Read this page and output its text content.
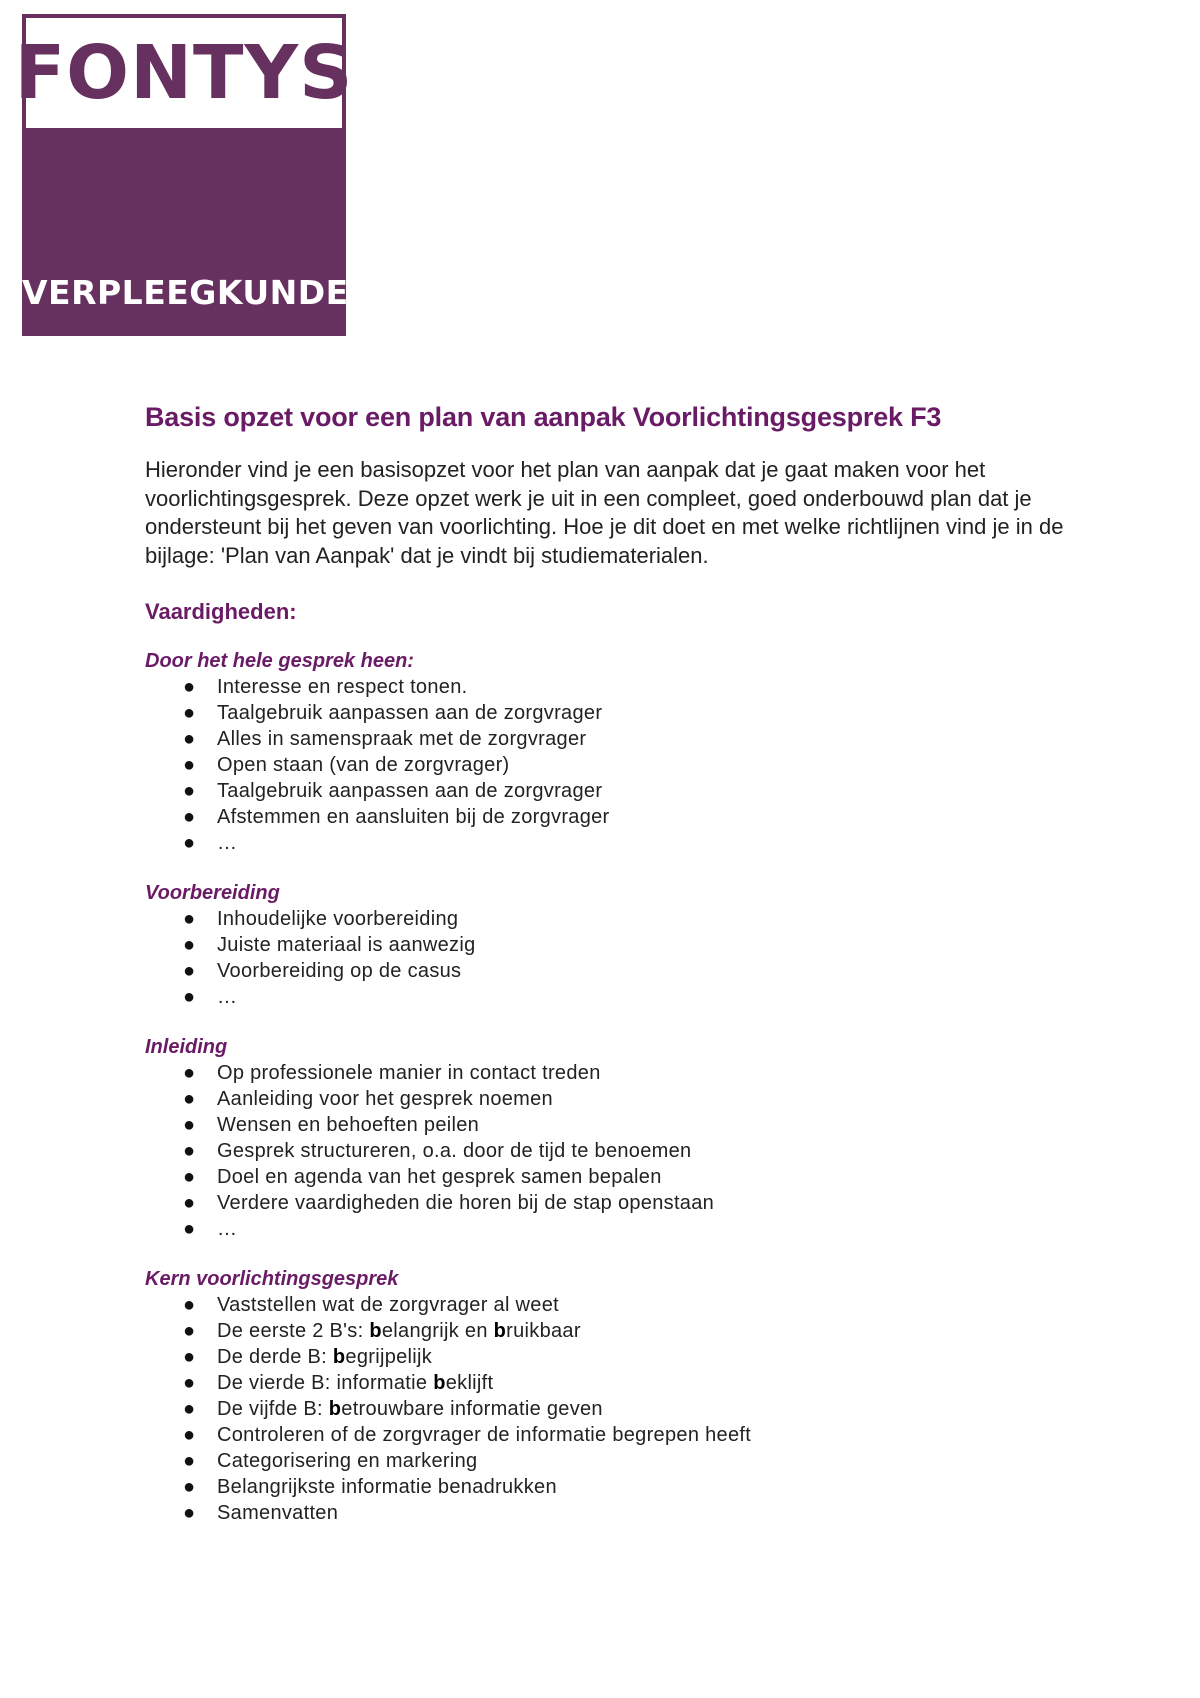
FONTYS
VERPLEEGKUNDE
Basis opzet voor een plan van aanpak Voorlichtingsgesprek F3

Hieronder vind je een basisopzet voor het plan van aanpak dat je gaat maken voor het voorlichtingsgesprek. Deze opzet werk je uit in een compleet, goed onderbouwd plan dat je ondersteunt bij het geven van voorlichting. Hoe je dit doet en met welke richtlijnen vind je in de bijlage: 'Plan van Aanpak' dat je vindt bij studiematerialen.

Vaardigheden:
Door het hele gesprek heen:
● Interesse en respect tonen.
● Taalgebruik aanpassen aan de zorgvrager
● Alles in samenspraak met de zorgvrager
● Open staan (van de zorgvrager)
● Taalgebruik aanpassen aan de zorgvrager
● Afstemmen en aansluiten bij de zorgvrager
● …
Voorbereiding
● Inhoudelijke voorbereiding
● Juiste materiaal is aanwezig
● Voorbereiding op de casus
● …
Inleiding
● Op professionele manier in contact treden
● Aanleiding voor het gesprek noemen
● Wensen en behoeften peilen
● Gesprek structureren, o.a. door de tijd te benoemen
● Doel en agenda van het gesprek samen bepalen
● Verdere vaardigheden die horen bij de stap openstaan
● …
Kern voorlichtingsgesprek
● Vaststellen wat de zorgvrager al weet
● De eerste 2 B's: belangrijk en bruikbaar
● De derde B: begrijpelijk
● De vierde B: informatie beklijft
● De vijfde B: betrouwbare informatie geven
● Controleren of de zorgvrager de informatie begrepen heeft
● Categorisering en markering
● Belangrijkste informatie benadrukken
● Samenvatten
